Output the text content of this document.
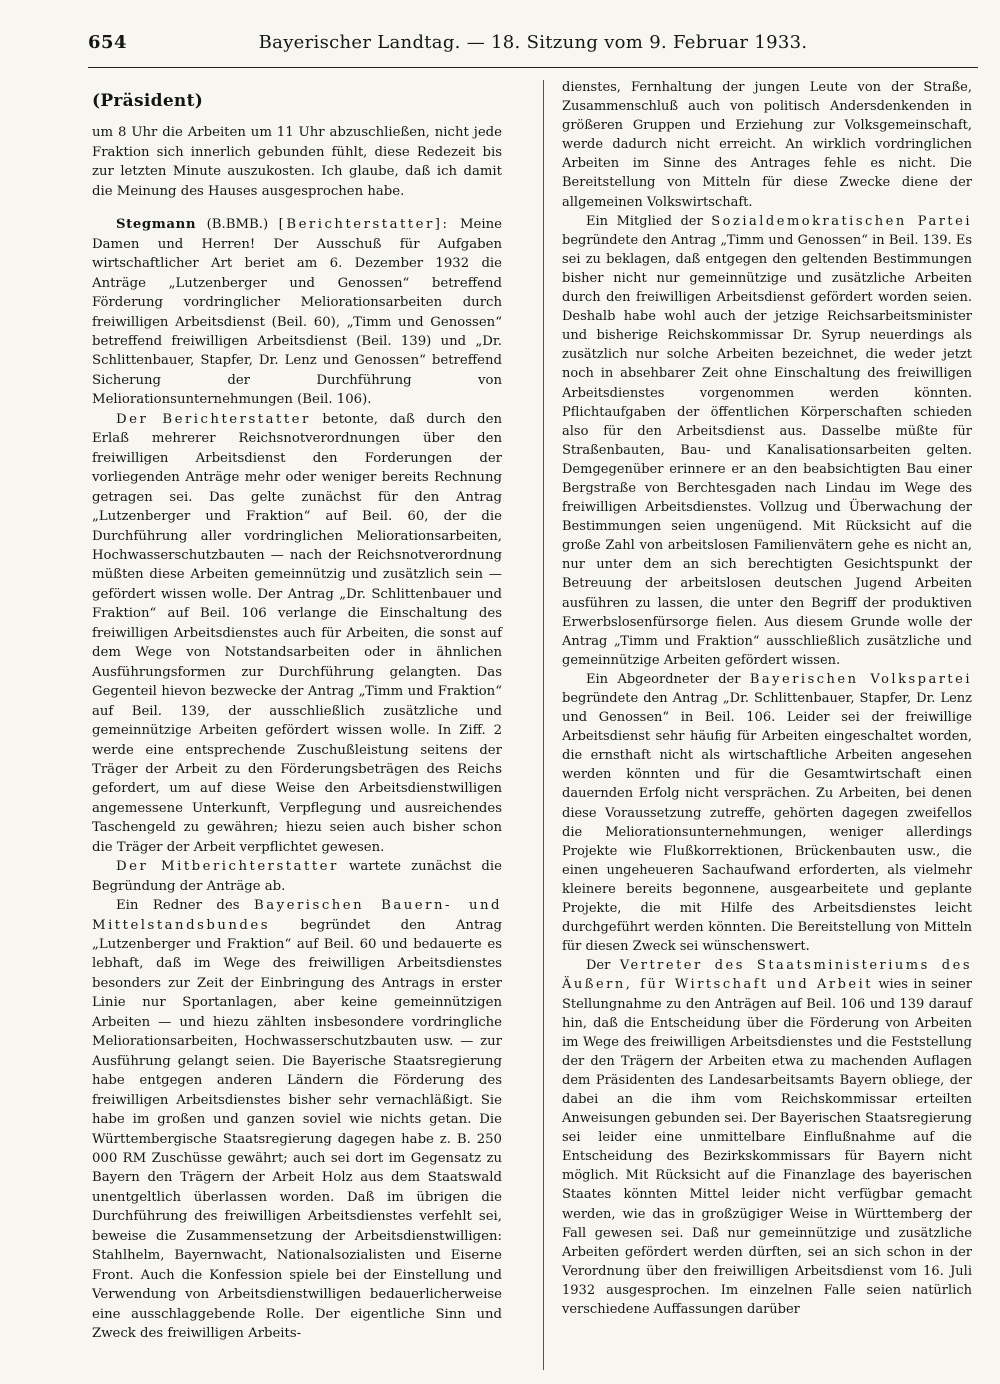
654	Bayerischer Landtag. — 18. Sitzung vom 9. Februar 1933.
(Präsident)

um 8 Uhr die Arbeiten um 11 Uhr abzuschließen, nicht jede Fraktion sich innerlich gebunden fühlt, diese Redezeit bis zur letzten Minute auszukosten. Ich glaube, daß ich damit die Meinung des Hauses ausgesprochen habe.

Stegmann (B.BMB.) [Berichterstatter]: Meine Damen und Herren! Der Ausschuß für Aufgaben wirtschaftlicher Art beriet am 6. Dezember 1932 die Anträge „Lutzenberger und Genossen“ betreffend Förderung vordringlicher Meliorationsarbeiten durch freiwilligen Arbeitsdienst (Beil. 60), „Timm und Genossen“ betreffend freiwilligen Arbeitsdienst (Beil. 139) und „Dr. Schlittenbauer, Stapfer, Dr. Lenz und Genossen“ betreffend Sicherung der Durchführung von Meliorationsunternehmungen (Beil. 106).

Der Berichterstatter betonte, daß durch den Erlaß mehrerer Reichsnotverordnungen über den freiwilligen Arbeitsdienst den Forderungen der vorliegenden Anträge mehr oder weniger bereits Rechnung getragen sei. Das gelte zunächst für den Antrag „Lutzenberger und Fraktion“ auf Beil. 60, der die Durchführung aller vordringlichen Meliorationsarbeiten, Hochwasserschutzbauten — nach der Reichsnotverordnung müßten diese Arbeiten gemeinnützig und zusätzlich sein — gefördert wissen wolle. Der Antrag „Dr. Schlittenbauer und Fraktion“ auf Beil. 106 verlange die Einschaltung des freiwilligen Arbeitsdienstes auch für Arbeiten, die sonst auf dem Wege von Notstandsarbeiten oder in ähnlichen Ausführungsformen zur Durchführung gelangten. Das Gegenteil hievon bezwecke der Antrag „Timm und Fraktion“ auf Beil. 139, der ausschließlich zusätzliche und gemeinnützige Arbeiten gefördert wissen wolle. In Ziff. 2 werde eine entsprechende Zuschußleistung seitens der Träger der Arbeit zu den Förderungsbeträgen des Reichs gefordert, um auf diese Weise den Arbeitsdienstwilligen angemessene Unterkunft, Verpflegung und ausreichendes Taschengeld zu gewähren; hiezu seien auch bisher schon die Träger der Arbeit verpflichtet gewesen.

Der Mitberichterstatter wartete zunächst die Begründung der Anträge ab.

Ein Redner des Bayerischen Bauern- und Mittelstandsbundes begründet den Antrag „Lutzenberger und Fraktion“ auf Beil. 60 und bedauerte es lebhaft, daß im Wege des freiwilligen Arbeitsdienstes besonders zur Zeit der Einbringung des Antrags in erster Linie nur Sportanlagen, aber keine gemeinnützigen Arbeiten — und hiezu zählten insbesondere vordringliche Meliorationsarbeiten, Hochwasserschutzbauten usw. — zur Ausführung gelangt seien. Die Bayerische Staatsregierung habe entgegen anderen Ländern die Förderung des freiwilligen Arbeitsdienstes bisher sehr vernachläßigt. Sie habe im großen und ganzen soviel wie nichts getan. Die Württembergische Staatsregierung dagegen habe z. B. 250 000 RM Zuschüsse gewährt; auch sei dort im Gegensatz zu Bayern den Trägern der Arbeit Holz aus dem Staatswald unentgeltlich überlassen worden. Daß im übrigen die Durchführung des freiwilligen Arbeitsdienstes verfehlt sei, beweise die Zusammensetzung der Arbeitsdienstwilligen: Stahlhelm, Bayernwacht, Nationalsozialisten und Eiserne Front. Auch die Konfession spiele bei der Einstellung und Verwendung von Arbeitsdienstwilligen bedauerlicherweise eine ausschlaggebende Rolle. Der eigentliche Sinn und Zweck des freiwilligen Arbeits-

dienstes, Fernhaltung der jungen Leute von der Straße, Zusammenschluß auch von politisch Andersdenkenden in größeren Gruppen und Erziehung zur Volksgemeinschaft, werde dadurch nicht erreicht. An wirklich vordringlichen Arbeiten im Sinne des Antrages fehle es nicht. Die Bereitstellung von Mitteln für diese Zwecke diene der allgemeinen Volkswirtschaft.

Ein Mitglied der Sozialdemokratischen Partei begründete den Antrag „Timm und Genossen“ in Beil. 139. Es sei zu beklagen, daß entgegen den geltenden Bestimmungen bisher nicht nur gemeinnützige und zusätzliche Arbeiten durch den freiwilligen Arbeitsdienst gefördert worden seien. Deshalb habe wohl auch der jetzige Reichsarbeitsminister und bisherige Reichskommissar Dr. Syrup neuerdings als zusätzlich nur solche Arbeiten bezeichnet, die weder jetzt noch in absehbarer Zeit ohne Einschaltung des freiwilligen Arbeitsdienstes vorgenommen werden könnten. Pflichtaufgaben der öffentlichen Körperschaften schieden also für den Arbeitsdienst aus. Dasselbe müßte für Straßenbauten, Bau- und Kanalisationsarbeiten gelten. Demgegenüber erinnere er an den beabsichtigten Bau einer Bergstraße von Berchtesgaden nach Lindau im Wege des freiwilligen Arbeitsdienstes. Vollzug und Überwachung der Bestimmungen seien ungenügend. Mit Rücksicht auf die große Zahl von arbeitslosen Familienvätern gehe es nicht an, nur unter dem an sich berechtigten Gesichtspunkt der Betreuung der arbeitslosen deutschen Jugend Arbeiten ausführen zu lassen, die unter den Begriff der produktiven Erwerbslosenfürsorge fielen. Aus diesem Grunde wolle der Antrag „Timm und Fraktion“ ausschließlich zusätzliche und gemeinnützige Arbeiten gefördert wissen.

Ein Abgeordneter der Bayerischen Volkspartei begründete den Antrag „Dr. Schlittenbauer, Stapfer, Dr. Lenz und Genossen“ in Beil. 106. Leider sei der freiwillige Arbeitsdienst sehr häufig für Arbeiten eingeschaltet worden, die ernsthaft nicht als wirtschaftliche Arbeiten angesehen werden könnten und für die Gesamtwirtschaft einen dauernden Erfolg nicht versprächen. Zu Arbeiten, bei denen diese Voraussetzung zutreffe, gehörten dagegen zweifellos die Meliorationsunternehmungen, weniger allerdings Projekte wie Flußkorrektionen, Brückenbauten usw., die einen ungeheueren Sachaufwand erforderten, als vielmehr kleinere bereits begonnene, ausgearbeitete und geplante Projekte, die mit Hilfe des Arbeitsdienstes leicht durchgeführt werden könnten. Die Bereitstellung von Mitteln für diesen Zweck sei wünschenswert.

Der Vertreter des Staatsministeriums des Äußern, für Wirtschaft und Arbeit wies in seiner Stellungnahme zu den Anträgen auf Beil. 106 und 139 darauf hin, daß die Entscheidung über die Förderung von Arbeiten im Wege des freiwilligen Arbeitsdienstes und die Feststellung der den Trägern der Arbeiten etwa zu machenden Auflagen dem Präsidenten des Landesarbeitsamts Bayern obliege, der dabei an die ihm vom Reichskommissar erteilten Anweisungen gebunden sei. Der Bayerischen Staatsregierung sei leider eine unmittelbare Einflußnahme auf die Entscheidung des Bezirkskommissars für Bayern nicht möglich. Mit Rücksicht auf die Finanzlage des bayerischen Staates könnten Mittel leider nicht verfügbar gemacht werden, wie das in großzügiger Weise in Württemberg der Fall gewesen sei. Daß nur gemeinnützige und zusätzliche Arbeiten gefördert werden dürften, sei an sich schon in der Verordnung über den freiwilligen Arbeitsdienst vom 16. Juli 1932 ausgesprochen. Im einzelnen Falle seien natürlich verschiedene Auffassungen darüber
